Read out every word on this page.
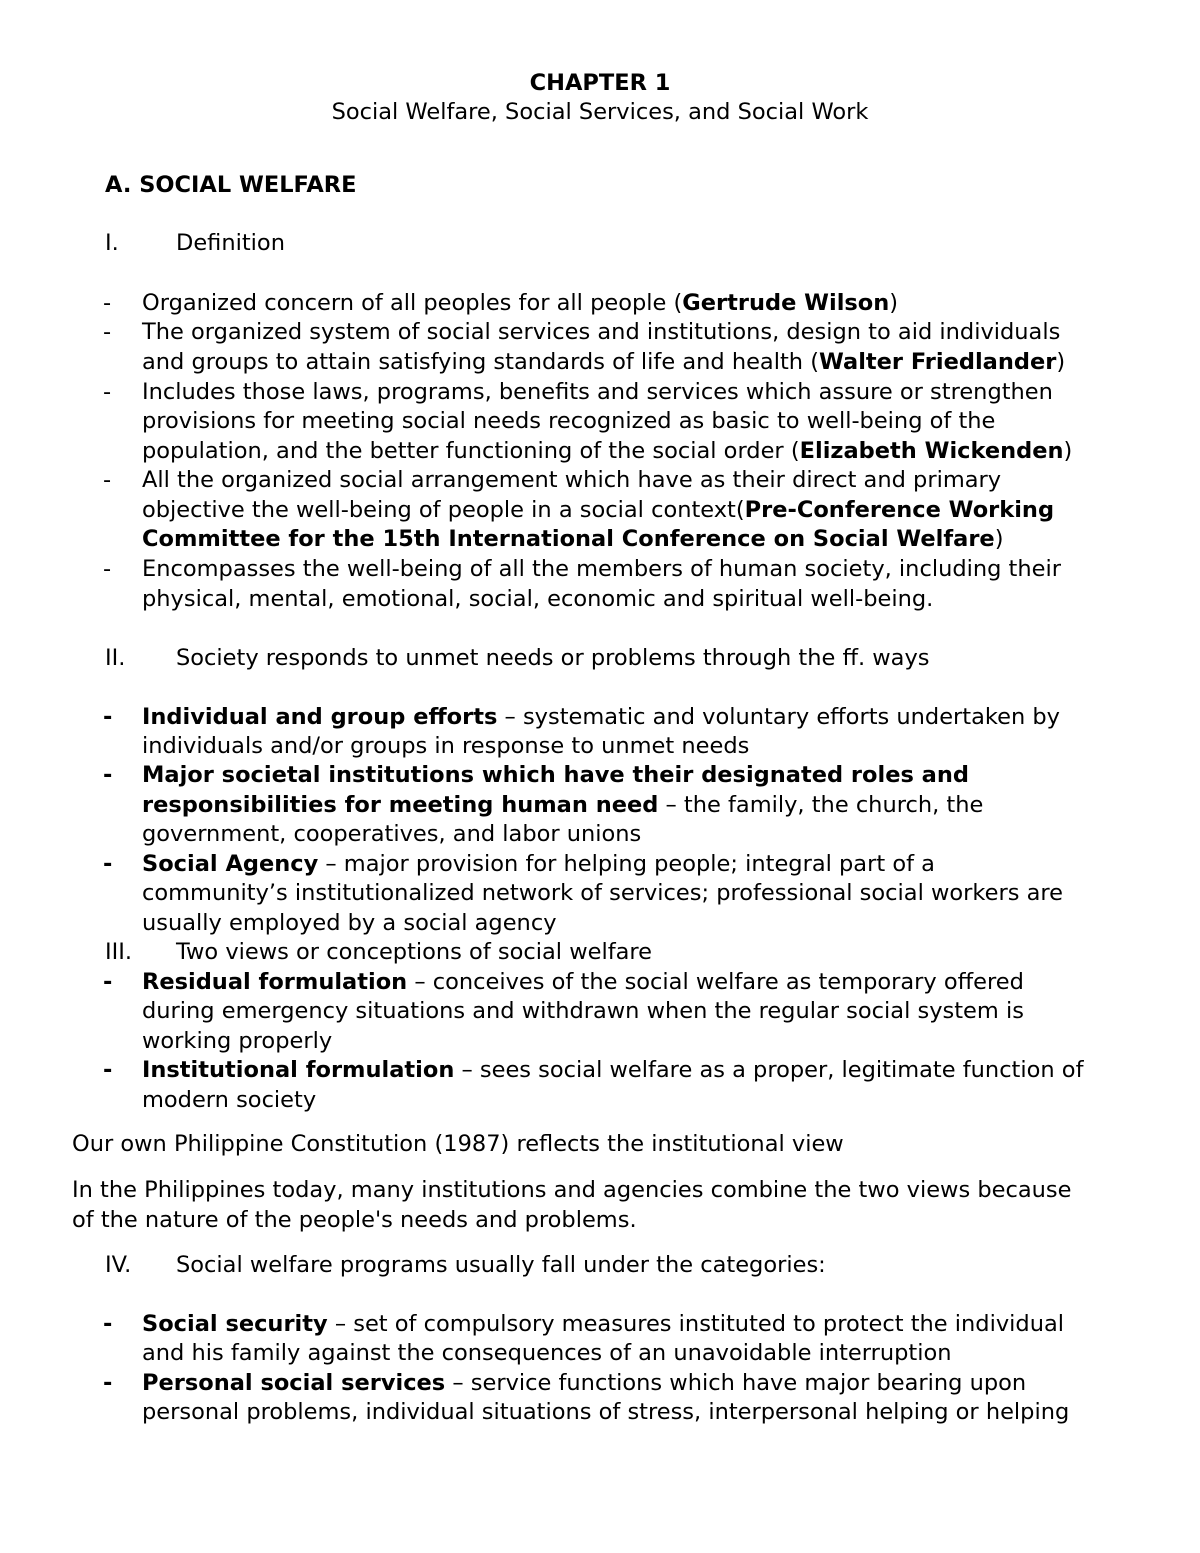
CHAPTER 1
Social Welfare, Social Services, and Social Work
A. SOCIAL WELFARE
I.	Definition
-	Organized concern of all peoples for all people (Gertrude Wilson)
-	The organized system of social services and institutions, design to aid individuals
and groups to attain satisfying standards of life and health (Walter Friedlander)
-	Includes those laws, programs, benefits and services which assure or strengthen
provisions for meeting social needs recognized as basic to well-being of the
population, and the better functioning of the social order (Elizabeth Wickenden)
-	All the organized social arrangement which have as their direct and primary
objective the well-being of people in a social context(Pre-Conference Working
Committee for the 15th International Conference on Social Welfare)
-	Encompasses the well-being of all the members of human society, including their
physical, mental, emotional, social, economic and spiritual well-being.
II. Society responds to unmet needs or problems through the ff. ways
-	Individual and group efforts – systematic and voluntary efforts undertaken by
individuals and/or groups in response to unmet needs
-	Major societal institutions which have their designated roles and
responsibilities for meeting human need – the family, the church, the
government, cooperatives, and labor unions
-	Social Agency – major provision for helping people; integral part of a
community’s institutionalized network of services; professional social workers are
usually employed by a social agency
III. Two views or conceptions of social welfare
-	Residual formulation – conceives of the social welfare as temporary offered
during emergency situations and withdrawn when the regular social system is
working properly
-	Institutional formulation – sees social welfare as a proper, legitimate function of
modern society
Our own Philippine Constitution (1987) reflects the institutional view
In the Philippines today, many institutions and agencies combine the two views because
of the nature of the people's needs and problems.
IV. Social welfare programs usually fall under the categories:
-	Social security – set of compulsory measures instituted to protect the individual
and his family against the consequences of an unavoidable interruption
-	Personal social services – service functions which have major bearing upon
personal problems, individual situations of stress, interpersonal helping or helping
